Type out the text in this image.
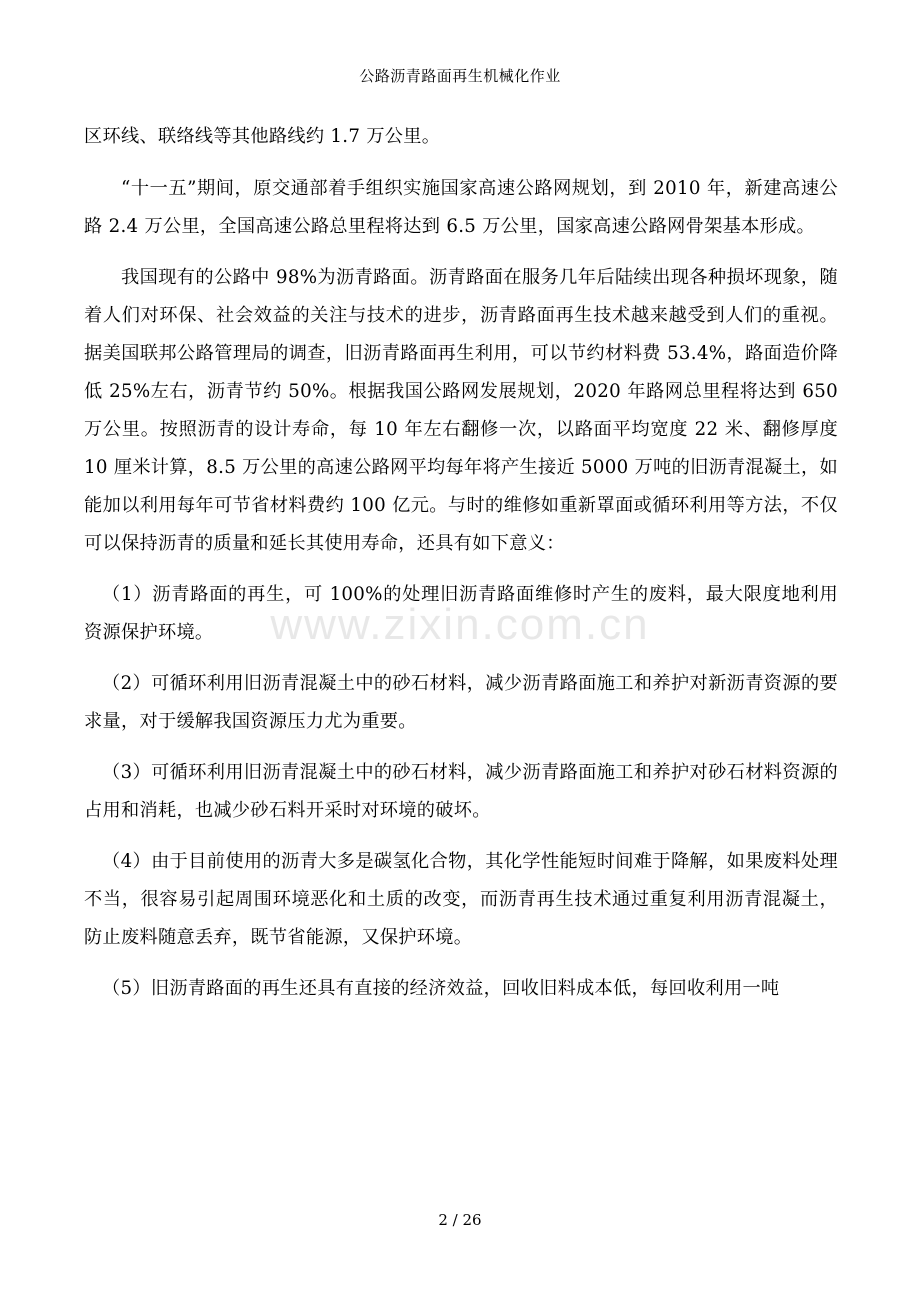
公路沥青路面再生机械化作业
www.zixin.com.cn

区环线、联络线等其他路线约 1.7 万公里。

“十一五”期间，原交通部着手组织实施国家高速公路网规划，到 2010 年，新建高速公路 2.4 万公里，全国高速公路总里程将达到 6.5 万公里，国家高速公路网骨架基本形成。

我国现有的公路中 98%为沥青路面。沥青路面在服务几年后陆续出现各种损坏现象，随着人们对环保、社会效益的关注与技术的进步，沥青路面再生技术越来越受到人们的重视。据美国联邦公路管理局的调查，旧沥青路面再生利用，可以节约材料费 53.4%，路面造价降低 25%左右，沥青节约 50%。根据我国公路网发展规划，2020 年路网总里程将达到 650 万公里。按照沥青的设计寿命，每 10 年左右翻修一次，以路面平均宽度 22 米、翻修厚度 10 厘米计算，8.5 万公里的高速公路网平均每年将产生接近 5000 万吨的旧沥青混凝土，如能加以利用每年可节省材料费约 100 亿元。与时的维修如重新罩面或循环利用等方法，不仅可以保持沥青的质量和延长其使用寿命，还具有如下意义：

（1）沥青路面的再生，可 100%的处理旧沥青路面维修时产生的废料，最大限度地利用资源保护环境。

（2）可循环利用旧沥青混凝土中的砂石材料，减少沥青路面施工和养护对新沥青资源的要求量，对于缓解我国资源压力尤为重要。

（3）可循环利用旧沥青混凝土中的砂石材料，减少沥青路面施工和养护对砂石材料资源的占用和消耗，也减少砂石料开采时对环境的破坏。

（4）由于目前使用的沥青大多是碳氢化合物，其化学性能短时间难于降解，如果废料处理不当，很容易引起周围环境恶化和土质的改变，而沥青再生技术通过重复利用沥青混凝土，防止废料随意丢弃，既节省能源，又保护环境。

（5）旧沥青路面的再生还具有直接的经济效益，回收旧料成本低，每回收利用一吨

2 / 26
